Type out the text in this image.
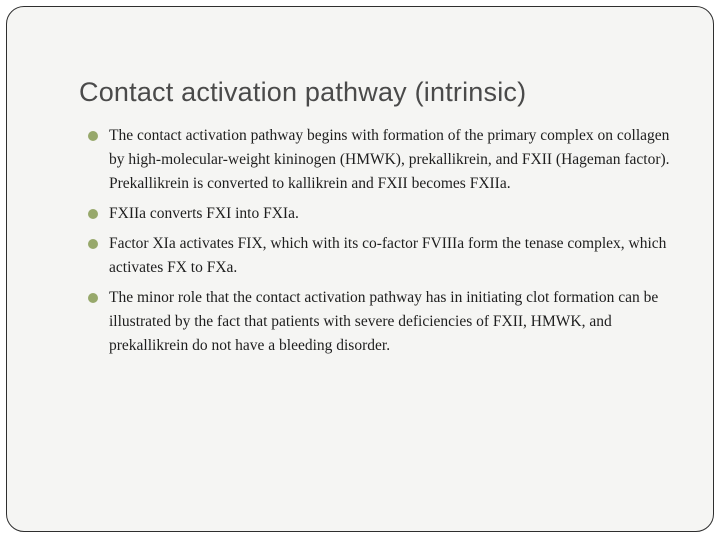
Contact activation pathway (intrinsic)
The contact activation pathway begins with formation of the primary complex on collagen by high-molecular-weight kininogen (HMWK), prekallikrein, and FXII (Hageman factor). Prekallikrein is converted to kallikrein and FXII becomes FXIIa.
FXIIa converts FXI into FXIa.
Factor XIa activates FIX, which with its co-factor FVIIIa form the tenase complex, which activates FX to FXa.
The minor role that the contact activation pathway has in initiating clot formation can be illustrated by the fact that patients with severe deficiencies of FXII, HMWK, and prekallikrein do not have a bleeding disorder.
